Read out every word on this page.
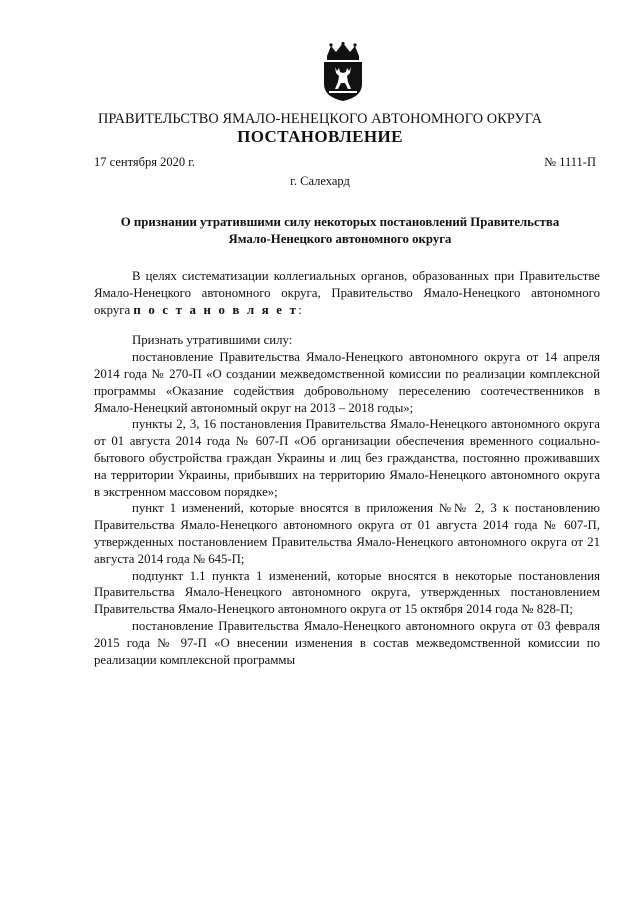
ПРАВИТЕЛЬСТВО ЯМАЛО-НЕНЕЦКОГО АВТОНОМНОГО ОКРУГА
ПОСТАНОВЛЕНИЕ
17 сентября 2020 г.	№ 1111-П
г. Салехард
О признании утратившими силу некоторых постановлений Правительства
Ямало-Ненецкого автономного округа

В целях систематизации коллегиальных органов, образованных при Правительстве Ямало-Ненецкого автономного округа, Правительство Ямало-Ненецкого автономного округа п о с т а н о в л я е т:

Признать утратившими силу:

постановление Правительства Ямало-Ненецкого автономного округа от 14 апреля 2014 года № 270-П «О создании межведомственной комиссии по реализации комплексной программы «Оказание содействия добровольному переселению соотечественников в Ямало-Ненецкий автономный округ на 2013 – 2018 годы»;

пункты 2, 3, 16 постановления Правительства Ямало-Ненецкого автономного округа от 01 августа 2014 года № 607-П «Об организации обеспечения временного социально-бытового обустройства граждан Украины и лиц без гражданства, постоянно проживавших на территории Украины, прибывших на территорию Ямало-Ненецкого автономного округа в экстренном массовом порядке»;

пункт 1 изменений, которые вносятся в приложения №№ 2, 3 к постановлению Правительства Ямало-Ненецкого автономного округа от 01 августа 2014 года № 607-П, утвержденных постановлением Правительства Ямало-Ненецкого автономного округа от 21 августа 2014 года № 645-П;

подпункт 1.1 пункта 1 изменений, которые вносятся в некоторые постановления Правительства Ямало-Ненецкого автономного округа, утвержденных постановлением Правительства Ямало-Ненецкого автономного округа от 15 октября 2014 года № 828-П;

постановление Правительства Ямало-Ненецкого автономного округа от 03 февраля 2015 года № 97-П «О внесении изменения в состав межведомственной комиссии по реализации комплексной программы
